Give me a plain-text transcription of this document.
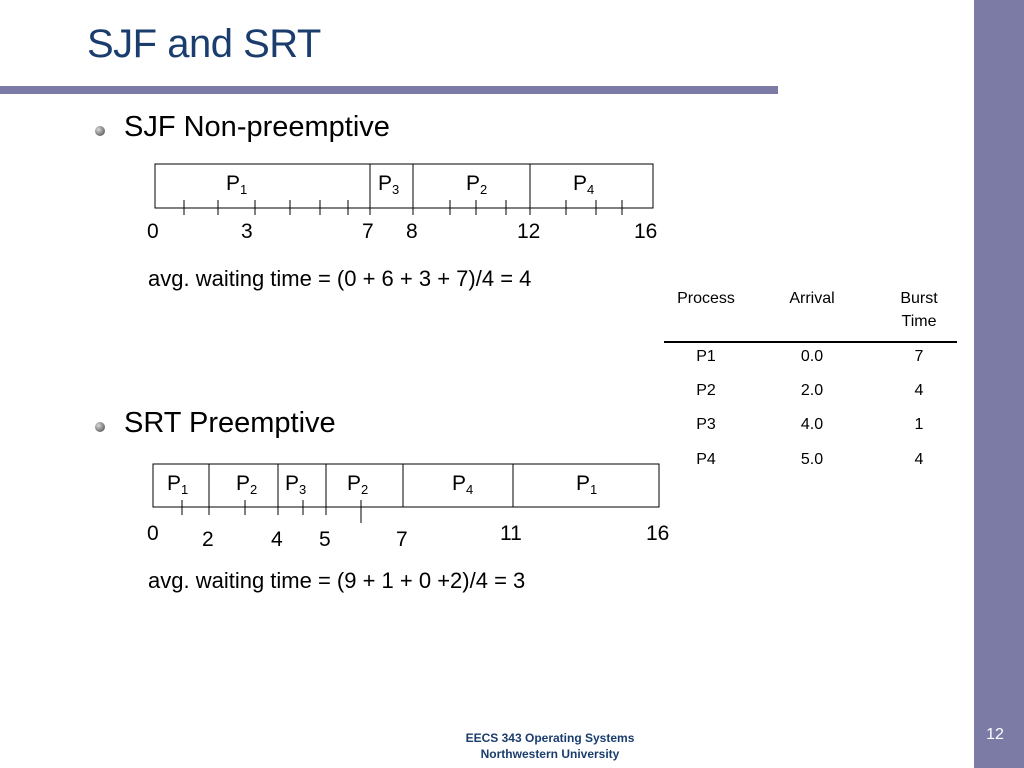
12
SJF and SRT
SJF Non-preemptive
P1	P3	P2	P4
0	3	7 8	12	16
avg. waiting time = (0 + 6 + 3 + 7)/4 = 4
SRT Preemptive
P1 P2 P3 P2	P4	P1
0 2	4 5	7	11	16
avg. waiting time = (9 + 1 + 0 +2)/4 = 3
Process	Arrival	Burst
Time
P1	0.0	7
P2	2.0	4
P3	4.0	1
P4	5.0	4
EECS 343 Operating Systems
Northwestern University
